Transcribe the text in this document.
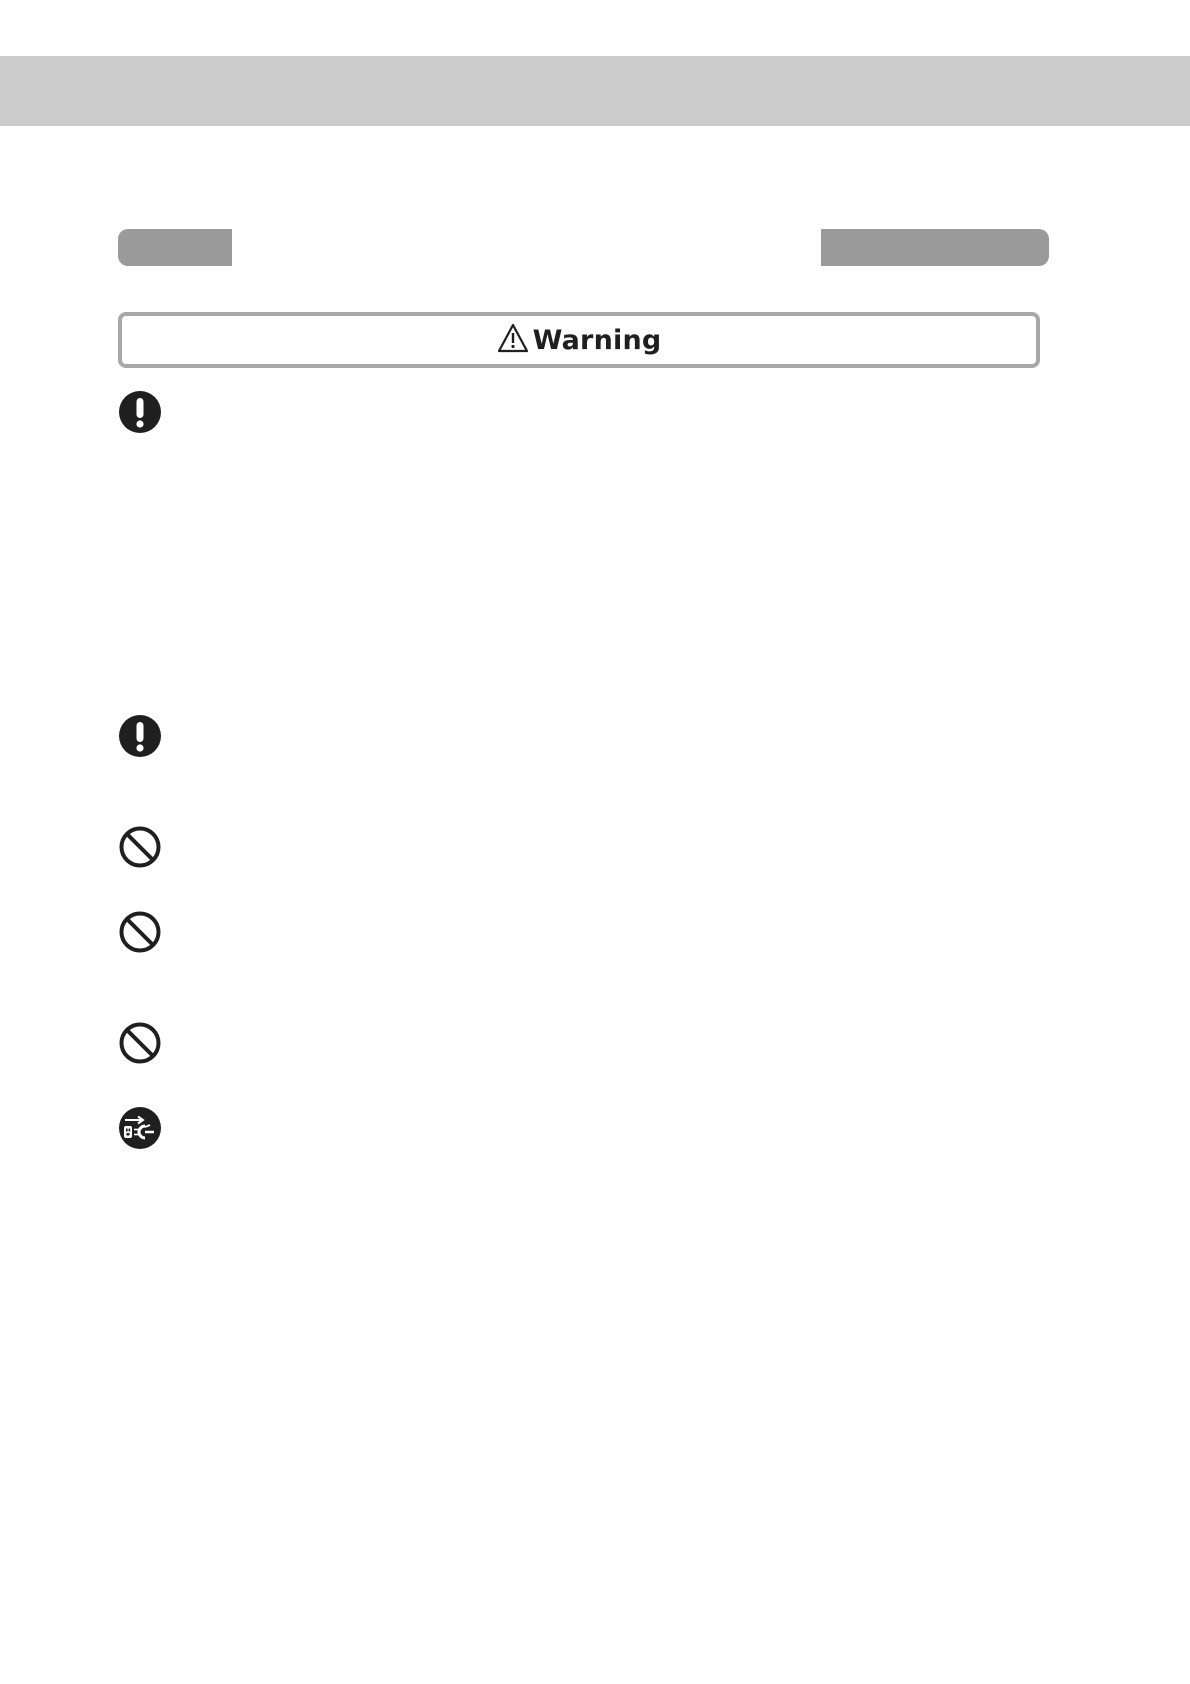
Warning
